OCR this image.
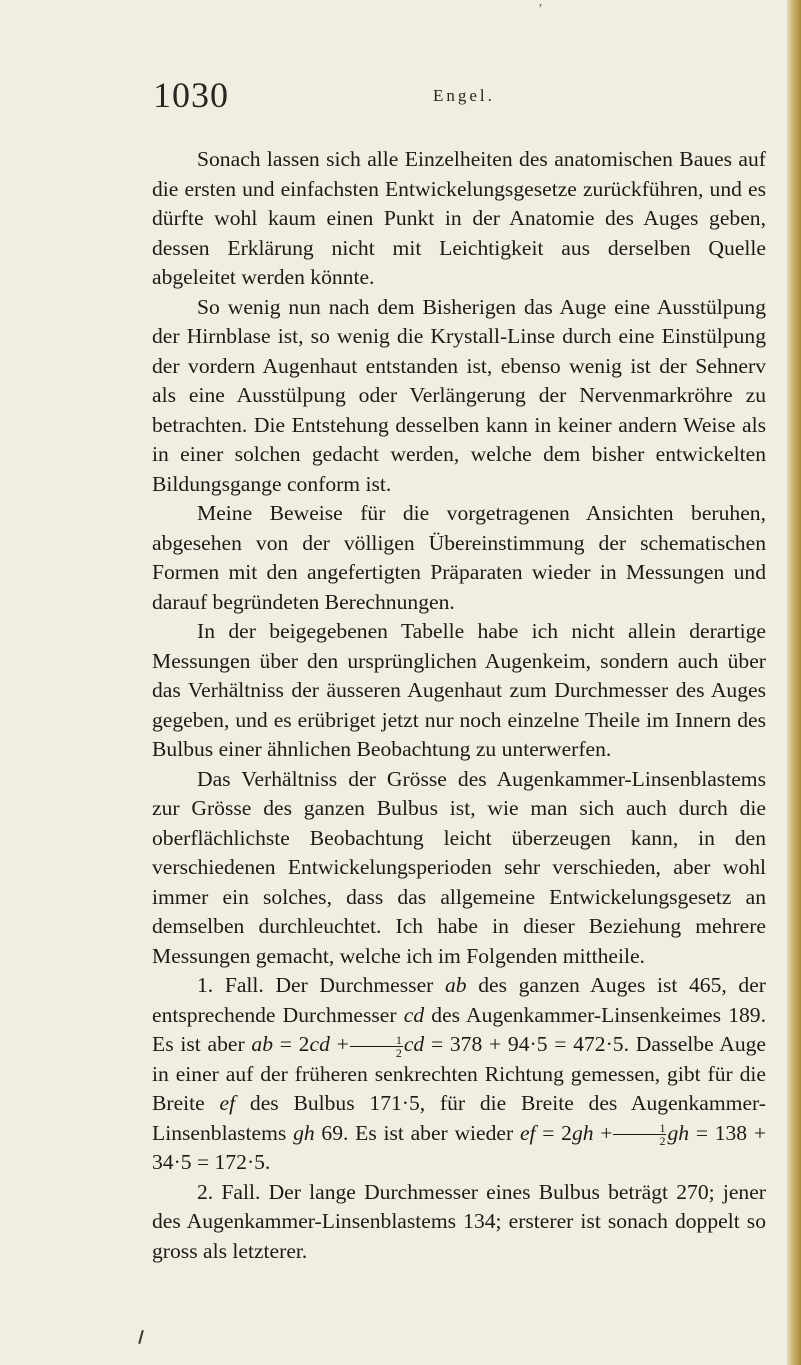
’
1030	Engel.

Sonach lassen sich alle Einzelheiten des anatomischen Baues auf die ersten und einfachsten Entwickelungsgesetze zurückführen, und es dürfte wohl kaum einen Punkt in der Anatomie des Auges geben, dessen Erklärung nicht mit Leichtigkeit aus derselben Quelle abgeleitet werden könnte.

So wenig nun nach dem Bisherigen das Auge eine Ausstülpung der Hirnblase ist, so wenig die Krystall-Linse durch eine Einstülpung der vordern Augenhaut entstanden ist, ebenso wenig ist der Sehnerv als eine Ausstülpung oder Verlängerung der Nervenmarkröhre zu betrachten. Die Entstehung desselben kann in keiner andern Weise als in einer solchen gedacht werden, welche dem bisher entwickelten Bildungsgange conform ist.

Meine Beweise für die vorgetragenen Ansichten beruhen, abgesehen von der völligen Übereinstimmung der schematischen Formen mit den angefertigten Präparaten wieder in Messungen und darauf begründeten Berechnungen.

In der beigegebenen Tabelle habe ich nicht allein derartige Messungen über den ursprünglichen Augenkeim, sondern auch über das Verhältniss der äusseren Augenhaut zum Durchmesser des Auges gegeben, und es erübriget jetzt nur noch einzelne Theile im Innern des Bulbus einer ähnlichen Beobachtung zu unterwerfen.

Das Verhältniss der Grösse des Augenkammer-Linsenblastems zur Grösse des ganzen Bulbus ist, wie man sich auch durch die oberflächlichste Beobachtung leicht überzeugen kann, in den verschiedenen Entwickelungsperioden sehr verschieden, aber wohl immer ein solches, dass das allgemeine Entwickelungsgesetz an demselben durchleuchtet. Ich habe in dieser Beziehung mehrere Messungen gemacht, welche ich im Folgenden mittheile.

1. Fall. Der Durchmesser ab des ganzen Auges ist 465, der entsprechende Durchmesser cd des Augenkammer-Linsenkeimes 189. Es ist aber ab = $2cd + \frac{1}{2}$ cd = 378 + 94·5 = 472·5. Dasselbe Auge in einer auf der früheren senkrechten Richtung gemessen, gibt für die Breite ef des Bulbus 171·5, für die Breite des Augenkammer-Linsenblastems gh 69. Es ist aber wieder ef = $2gh + \frac{1}{2}$ gh = 138 + 34·5 = 172·5.

2. Fall. Der lange Durchmesser eines Bulbus beträgt 270; jener des Augenkammer-Linsenblastems 134; ersterer ist sonach doppelt so gross als letzterer.
